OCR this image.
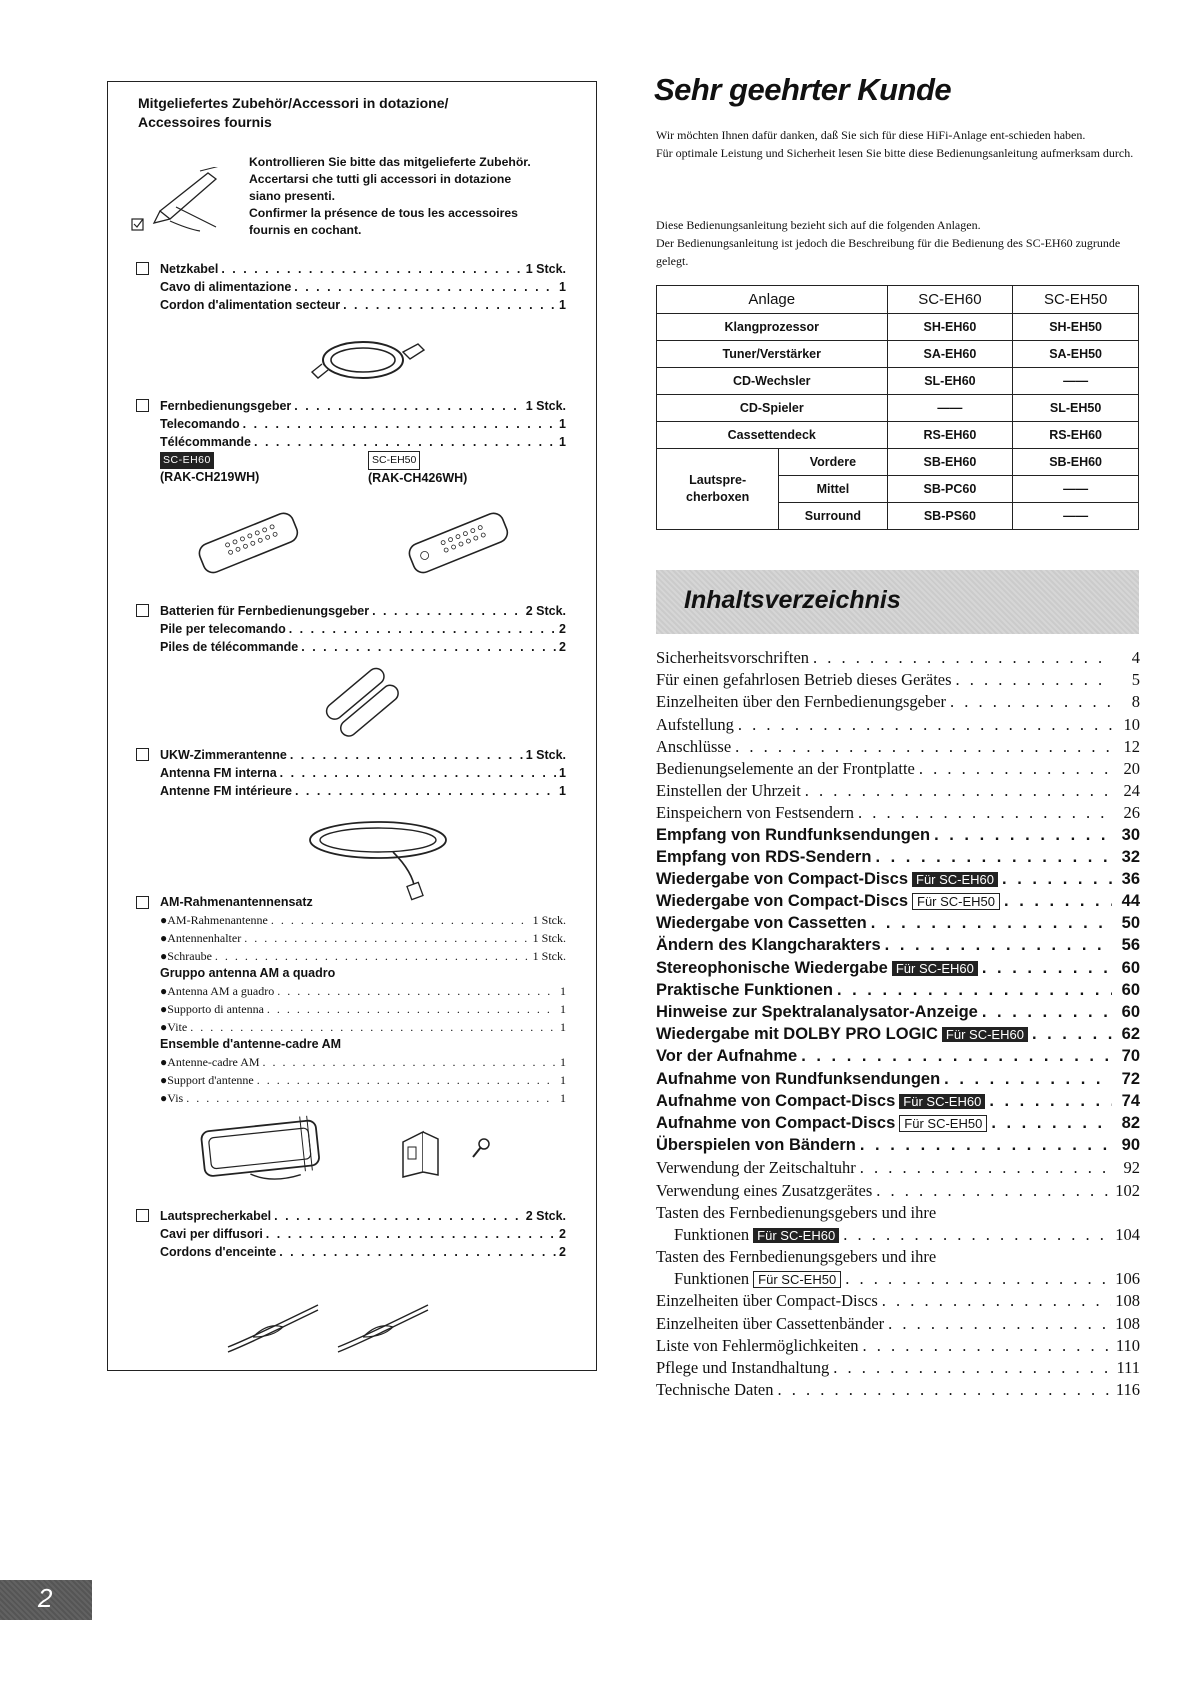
Mitgeliefertes Zubehör/Accessori in dotazione/
Accessoires fournis
Kontrollieren Sie bitte das mitgelieferte Zubehör.
Accertarsi che tutti gli accessori in dotazione
siano presenti.
Confirmer la présence de tous les accessoires
fournis en cochant.
Netzkabel . . .	1 Stck.
Cavo di alimentazione . . .	1
Cordon d'alimentation secteur . . .	1
Fernbedienungsgeber . . .	1 Stck.
Telecomando . . .	1
Télécommande . . .	1
SC-EH60
(RAK-CH219WH)
SC-EH50
(RAK-CH426WH)
Batterien für Fernbedienungsgeber . . .	2 Stck.
Pile per telecomando . . .	2
Piles de télécommande . . .	2
UKW-Zimmerantenne . . .	1 Stck.
Antenna FM interna . . .	1
Antenne FM intérieure . . .	1
AM-Rahmenantennensatz
●AM-Rahmenantenne . . .	1 Stck.
●Antennenhalter . . .	1 Stck.
●Schraube . . .	1 Stck.
Gruppo antenna AM a quadro
●Antenna AM a guadro . . .	1
●Supporto di antenna . . .	1
●Vite . . .	1
Ensemble d'antenne-cadre AM
●Antenne-cadre AM . . .	1
●Support d'antenne . . .	1
●Vis . . .	1
Lautsprecherkabel . . .	2 Stck.
Cavi per diffusori . . .	2
Cordons d'enceinte . . .	2
Sehr geehrter Kunde
Wir möchten Ihnen dafür danken, daß Sie sich für diese HiFi-Anlage ent-schieden haben.
Für optimale Leistung und Sicherheit lesen Sie bitte diese Bedienungsanleitung aufmerksam durch.
Diese Bedienungsanleitung bezieht sich auf die folgenden Anlagen.
Der Bedienungsanleitung ist jedoch die Beschreibung für die Bedienung des SC-EH60 zugrunde gelegt.
Anlage		SC-EH60	SC-EH50
Klangprozessor		SH-EH60	SH-EH50
Tuner/Verstärker		SA-EH60	SA-EH50
CD-Wechsler		SL-EH60	——
CD-Spieler		——	SL-EH50
Cassettendeck		RS-EH60	RS-EH60
Lautspre-cherboxen	Vordere	SB-EH60	SB-EH60
	Mittel	SB-PC60	——
	Surround	SB-PS60	——
Inhaltsverzeichnis
Sicherheitsvorschriften . . .	4
Für einen gefahrlosen Betrieb dieses Gerätes . . .	5
Einzelheiten über den Fernbedienungsgeber . . .	8
Aufstellung . . .	10
Anschlüsse . . .	12
Bedienungselemente an der Frontplatte . . .	20
Einstellen der Uhrzeit . . .	24
Einspeichern von Festsendern . . .	26
Empfang von Rundfunksendungen . . .	30
Empfang von RDS-Sendern . . .	32
Wiedergabe von Compact-Discs Für SC-EH60 . . .	36
Wiedergabe von Compact-Discs Für SC-EH50 . . .	44
Wiedergabe von Cassetten . . .	50
Ändern des Klangcharakters . . .	56
Stereophonische Wiedergabe Für SC-EH60 . . .	60
Praktische Funktionen . . .	60
Hinweise zur Spektralanalysator-Anzeige . . .	60
Wiedergabe mit DOLBY PRO LOGIC Für SC-EH60 . . .	62
Vor der Aufnahme . . .	70
Aufnahme von Rundfunksendungen . . .	72
Aufnahme von Compact-Discs Für SC-EH60 . . .	74
Aufnahme von Compact-Discs Für SC-EH50 . . .	82
Überspielen von Bändern . . .	90
Verwendung der Zeitschaltuhr . . .	92
Verwendung eines Zusatzgerätes . . .	102
Tasten des Fernbedienungsgebers und ihre
Funktionen Für SC-EH60 . . .	104
Tasten des Fernbedienungsgebers und ihre
Funktionen Für SC-EH50 . . .	106
Einzelheiten über Compact-Discs . . .	108
Einzelheiten über Cassettenbänder . . .	108
Liste von Fehlermöglichkeiten . . .	110
Pflege und Instandhaltung . . .	111
Technische Daten . . .	116
2
